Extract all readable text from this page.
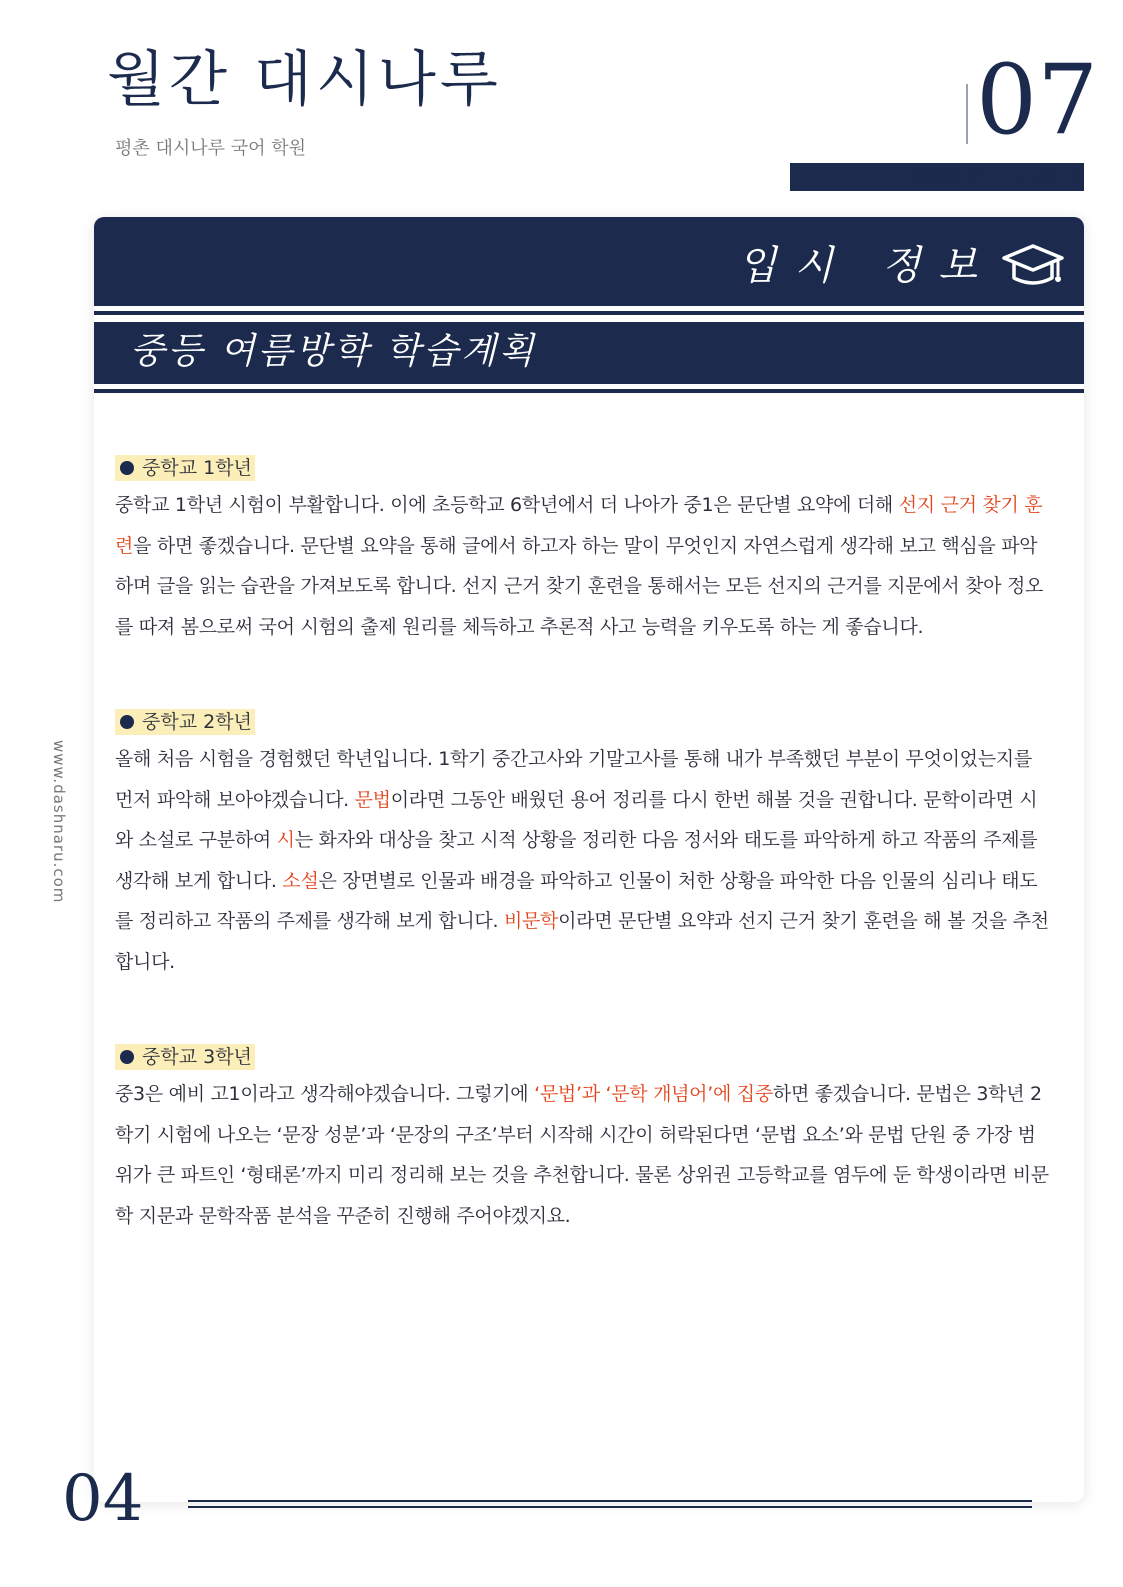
월간 대시나루
평촌 대시나루 국어 학원	07
2024 / JUL vol.3
입시 정보
중등 여름방학 학습계획
중학교 1학년

중학교 1학년 시험이 부활합니다. 이에 초등학교 6학년에서 더 나아가 중1은 문단별 요약에 더해 선지 근거 찾기 훈련을 하면 좋겠습니다. 문단별 요약을 통해 글에서 하고자 하는 말이 무엇인지 자연스럽게 생각해 보고 핵심을 파악하며 글을 읽는 습관을 가져보도록 합니다. 선지 근거 찾기 훈련을 통해서는 모든 선지의 근거를 지문에서 찾아 정오를 따져 봄으로써 국어 시험의 출제 원리를 체득하고 추론적 사고 능력을 키우도록 하는 게 좋습니다.

중학교 2학년

올해 처음 시험을 경험했던 학년입니다. 1학기 중간고사와 기말고사를 통해 내가 부족했던 부분이 무엇이었는지를 먼저 파악해 보아야겠습니다. 문법이라면 그동안 배웠던 용어 정리를 다시 한번 해볼 것을 권합니다. 문학이라면 시와 소설로 구분하여 시는 화자와 대상을 찾고 시적 상황을 정리한 다음 정서와 태도를 파악하게 하고 작품의 주제를 생각해 보게 합니다. 소설은 장면별로 인물과 배경을 파악하고 인물이 처한 상황을 파악한 다음 인물의 심리나 태도를 정리하고 작품의 주제를 생각해 보게 합니다. 비문학이라면 문단별 요약과 선지 근거 찾기 훈련을 해 볼 것을 추천합니다.

중학교 3학년

중3은 예비 고1이라고 생각해야겠습니다. 그렇기에 ‘문법’과 ‘문학 개념어’에 집중하면 좋겠습니다. 문법은 3학년 2학기 시험에 나오는 ‘문장 성분’과 ‘문장의 구조’부터 시작해 시간이 허락된다면 ‘문법 요소’와 문법 단원 중 가장 범위가 큰 파트인 ‘형태론’까지 미리 정리해 보는 것을 추천합니다. 물론 상위권 고등학교를 염두에 둔 학생이라면 비문학 지문과 문학작품 분석을 꾸준히 진행해 주어야겠지요.

www.dashnaru.com
04
